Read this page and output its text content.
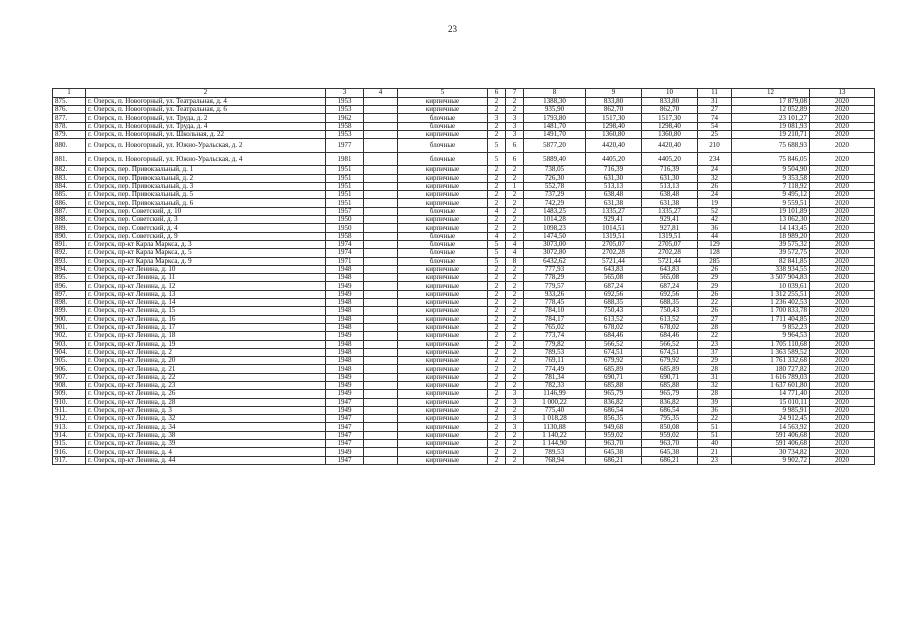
23
1	2	3	4	5	6	7	8	9	10	11	12	13
875.	г. Озерск, п. Новогорный, ул. Театральная, д. 4	1953		кирпичные	2	2	1388,30	833,80	833,80	31	17 879,08	2020
876.	г. Озерск, п. Новогорный, ул. Театральная, д. 6	1953		кирпичные	2	2	935,90	862,70	862,70	27	12 052,89	2020
877.	г. Озерск, п. Новогорный, ул. Труда, д. 2	1962		блочные	3	3	1793,80	1517,30	1517,30	74	23 101,27	2020
878.	г. Озерск, п. Новогорный, ул. Труда, д. 4	1958		блочные	2	3	1481,70	1298,40	1298,40	54	19 081,93	2020
879.	г. Озерск, п. Новогорный, ул. Школьная, д. 22	1953		кирпичные	2	3	1491,70	1360,80	1360,80	25	19 210,71	2020
880.	г. Озерск, п. Новогорный, ул. Южно-Уральская, д. 2	1977		блочные	5	6	5877,20	4420,40	4420,40	210	75 688,93	2020
881.	г. Озерск, п. Новогорный, ул. Южно-Уральская, д. 4	1981		блочные	5	6	5889,40	4405,20	4405,20	234	75 846,05	2020
882.	г. Озерск, пер. Привокзальный, д. 1	1951		кирпичные	2	2	738,05	716,39	716,39	24	9 504,90	2020
883.	г. Озерск, пер. Привокзальный, д. 2	1951		кирпичные	2	2	726,30	631,30	631,30	32	9 353,58	2020
884.	г. Озерск, пер. Привокзальный, д. 3	1951		кирпичные	2	1	552,78	513,13	513,13	26	7 118,92	2020
885.	г. Озерск, пер. Привокзальный, д. 5	1951		кирпичные	2	2	737,29	638,48	638,48	24	9 495,12	2020
886.	г. Озерск, пер. Привокзальный, д. 6	1951		кирпичные	2	2	742,29	631,38	631,38	19	9 559,51	2020
887.	г. Озерск, пер. Советский, д. 10	1957		блочные	4	2	1483,25	1335,27	1335,27	52	19 101,89	2020
888.	г. Озерск, пер. Советский, д. 3	1950		кирпичные	2	2	1014,28	929,41	929,41	42	13 062,30	2020
889.	г. Озерск, пер. Советский, д. 4	1950		кирпичные	2	2	1098,23	1014,51	927,81	36	14 143,45	2020
890.	г. Озерск, пер. Советский, д. 9	1958		блочные	4	2	1474,50	1319,51	1319,51	44	18 989,20	2020
891.	г. Озерск, пр-кт Карла Маркса, д. 3	1974		блочные	5	4	3073,00	2705,07	2705,07	129	39 575,32	2020
892.	г. Озерск, пр-кт Карла Маркса, д. 5	1974		блочные	5	4	3072,80	2702,28	2702,28	128	39 572,75	2020
893.	г. Озерск, пр-кт Карла Маркса, д. 9	1971		блочные	5	8	6432,62	5721,44	5721,44	285	82 841,85	2020
894.	г. Озерск, пр-кт Ленина, д. 10	1948		кирпичные	2	2	777,93	643,83	643,83	26	338 934,55	2020
895.	г. Озерск, пр-кт Ленина, д. 11	1948		кирпичные	2	2	778,29	565,08	565,08	29	3 507 904,83	2020
896.	г. Озерск, пр-кт Ленина, д. 12	1949		кирпичные	2	2	779,57	687,24	687,24	29	10 039,61	2020
897.	г. Озерск, пр-кт Ленина, д. 13	1949		кирпичные	2	2	933,26	692,56	692,56	26	1 312 255,51	2020
898.	г. Озерск, пр-кт Ленина, д. 14	1948		кирпичные	2	2	778,45	688,35	688,35	22	1 236 402,53	2020
899.	г. Озерск, пр-кт Ленина, д. 15	1948		кирпичные	2	2	784,10	750,43	750,43	26	1 700 833,78	2020
900.	г. Озерск, пр-кт Ленина, д. 16	1948		кирпичные	2	2	784,17	613,52	613,52	27	1 711 404,85	2020
901.	г. Озерск, пр-кт Ленина, д. 17	1948		кирпичные	2	2	765,02	678,02	678,02	28	9 852,23	2020
902.	г. Озерск, пр-кт Ленина, д. 18	1949		кирпичные	2	2	773,74	684,46	684,46	22	9 964,53	2020
903.	г. Озерск, пр-кт Ленина, д. 19	1948		кирпичные	2	2	779,82	566,52	566,52	23	1 705 110,68	2020
904.	г. Озерск, пр-кт Ленина, д. 2	1948		кирпичные	2	2	789,53	674,51	674,51	37	1 363 589,52	2020
905.	г. Озерск, пр-кт Ленина, д. 20	1948		кирпичные	2	2	769,11	679,92	679,92	29	1 761 332,68	2020
906.	г. Озерск, пр-кт Ленина, д. 21	1948		кирпичные	2	2	774,49	685,89	685,89	28	180 727,82	2020
907.	г. Озерск, пр-кт Ленина, д. 22	1949		кирпичные	2	2	781,34	690,71	690,71	31	1 616 789,03	2020
908.	г. Озерск, пр-кт Ленина, д. 23	1949		кирпичные	2	2	782,33	685,88	685,88	32	1 637 601,80	2020
909.	г. Озерск, пр-кт Ленина, д. 26	1949		кирпичные	2	3	1146,99	965,79	965,79	28	14 771,40	2020
910.	г. Озерск, пр-кт Ленина, д. 28	1947		кирпичные	2	3	1 000,22	836,82	836,82	39	15 010,11	2020
911.	г. Озерск, пр-кт Ленина, д. 3	1949		кирпичные	2	2	775,40	686,54	686,54	36	9 985,91	2020
912.	г. Озерск, пр-кт Ленина, д. 32	1947		кирпичные	2	3	1 018,28	856,35	795,35	22	24 912,45	2020
913.	г. Озерск, пр-кт Ленина, д. 34	1947		кирпичные	2	3	1130,88	949,68	850,08	51	14 563,92	2020
914.	г. Озерск, пр-кт Ленина, д. 38	1947		кирпичные	2	2	1 140,22	959,02	959,02	51	591 406,68	2020
915.	г. Озерск, пр-кт Ленина, д. 39	1947		кирпичные	2	2	1 144,90	963,70	963,70	40	591 406,68	2020
916.	г. Озерск, пр-кт Ленина, д. 4	1949		кирпичные	2	2	789,53	645,38	645,38	21	30 734,82	2020
917.	г. Озерск, пр-кт Ленина, д. 44	1947		кирпичные	2	2	768,94	686,21	686,21	23	9 902,72	2020
